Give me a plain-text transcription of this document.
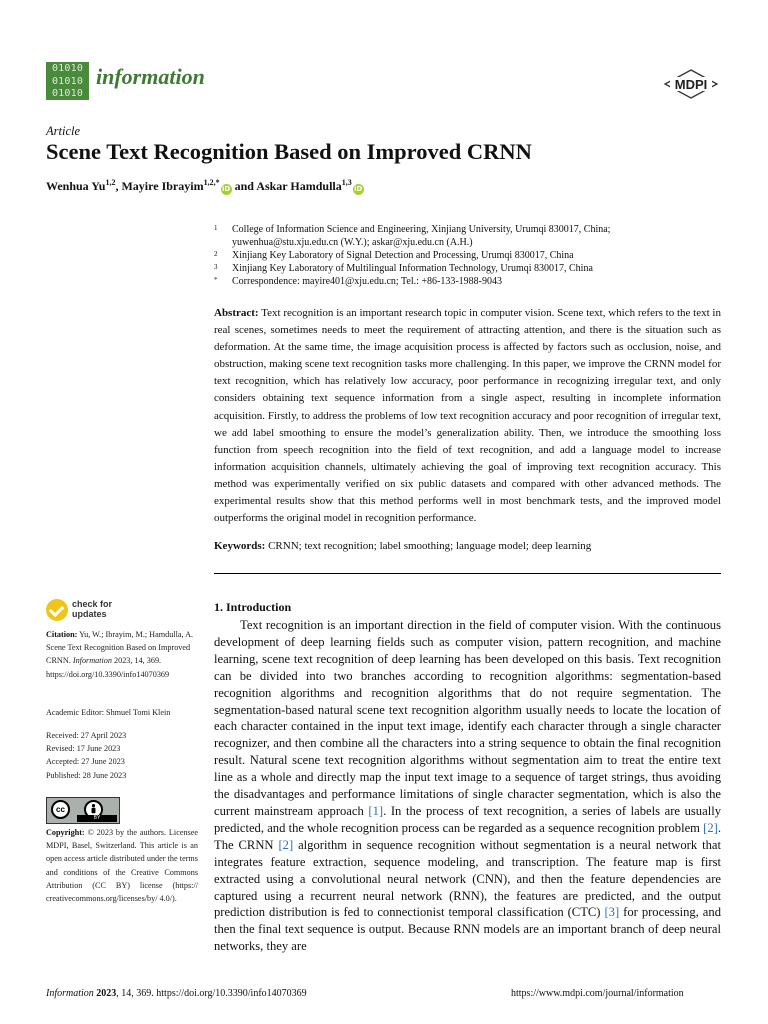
01010
01010
01010
information	MDPI
Article
Scene Text Recognition Based on Improved CRNN
Wenhua Yu$^{1,2}$, Mayire Ibrayim$^{1,2,*}$iD and Askar Hamdulla$^{1,3}$iD
1 College of Information Science and Engineering, Xinjiang University, Urumqi 830017, China;
yuwenhua@stu.xju.edu.cn (W.Y.); askar@xju.edu.cn (A.H.)
2 Xinjiang Key Laboratory of Signal Detection and Processing, Urumqi 830017, China
3 Xinjiang Key Laboratory of Multilingual Information Technology, Urumqi 830017, China
* Correspondence: mayire401@xju.edu.cn; Tel.: +86-133-1988-9043
Abstract: Text recognition is an important research topic in computer vision. Scene text, which refers to the text in real scenes, sometimes needs to meet the requirement of attracting attention, and there is the situation such as deformation. At the same time, the image acquisition process is affected by factors such as occlusion, noise, and obstruction, making scene text recognition tasks more challenging. In this paper, we improve the CRNN model for text recognition, which has relatively low accuracy, poor performance in recognizing irregular text, and only considers obtaining text sequence information from a single aspect, resulting in incomplete information acquisition. Firstly, to address the problems of low text recognition accuracy and poor recognition of irregular text, we add label smoothing to ensure the model’s generalization ability. Then, we introduce the smoothing loss function from speech recognition into the field of text recognition, and add a language model to increase information acquisition channels, ultimately achieving the goal of improving text recognition accuracy. This method was experimentally verified on six public datasets and compared with other advanced methods. The experimental results show that this method performs well in most benchmark tests, and the improved model outperforms the original model in recognition performance.
Keywords: CRNN; text recognition; label smoothing; language model; deep learning
check for
updates
Citation: Yu, W.; Ibrayim, M.; Hamdulla, A. Scene Text Recognition Based on Improved CRNN. Information 2023, 14, 369. https://doi.org/10.3390/info14070369
Academic Editor: Shmuel Tomi Klein
Received: 27 April 2023
Revised: 17 June 2023
Accepted: 27 June 2023
Published: 28 June 2023
cc
BY
Copyright: © 2023 by the authors. Licensee MDPI, Basel, Switzerland. This article is an open access article distributed under the terms and conditions of the Creative Commons Attribution (CC BY) license (https:// creativecommons.org/licenses/by/ 4.0/).
1. Introduction

Text recognition is an important direction in the field of computer vision. With the continuous development of deep learning fields such as computer vision, pattern recognition, and machine learning, scene text recognition of deep learning has been developed on this basis. Text recognition can be divided into two branches according to recognition algorithms: segmentation-based recognition algorithms and recognition algorithms that do not require segmentation. The segmentation-based natural scene text recognition algorithm usually needs to locate the location of each character contained in the input text image, identify each character through a single character recognizer, and then combine all the characters into a string sequence to obtain the final recognition result. Natural scene text recognition algorithms without segmentation aim to treat the entire text line as a whole and directly map the input text image to a sequence of target strings, thus avoiding the disadvantages and performance limitations of single character segmentation, which is also the current mainstream approach [1]. In the process of text recognition, a series of labels are usually predicted, and the whole recognition process can be regarded as a sequence recognition problem [2]. The CRNN [2] algorithm in sequence recognition without segmentation is a neural network that integrates feature extraction, sequence modeling, and transcription. The feature map is first extracted using a convolutional neural network (CNN), and then the feature dependencies are captured using a recurrent neural network (RNN), the features are predicted, and the output prediction distribution is fed to connectionist temporal classification (CTC) [3] for processing, and then the final text sequence is output. Because RNN models are an important branch of deep neural networks, they are

Information 2023, 14, 369. https://doi.org/10.3390/info14070369	https://www.mdpi.com/journal/information
